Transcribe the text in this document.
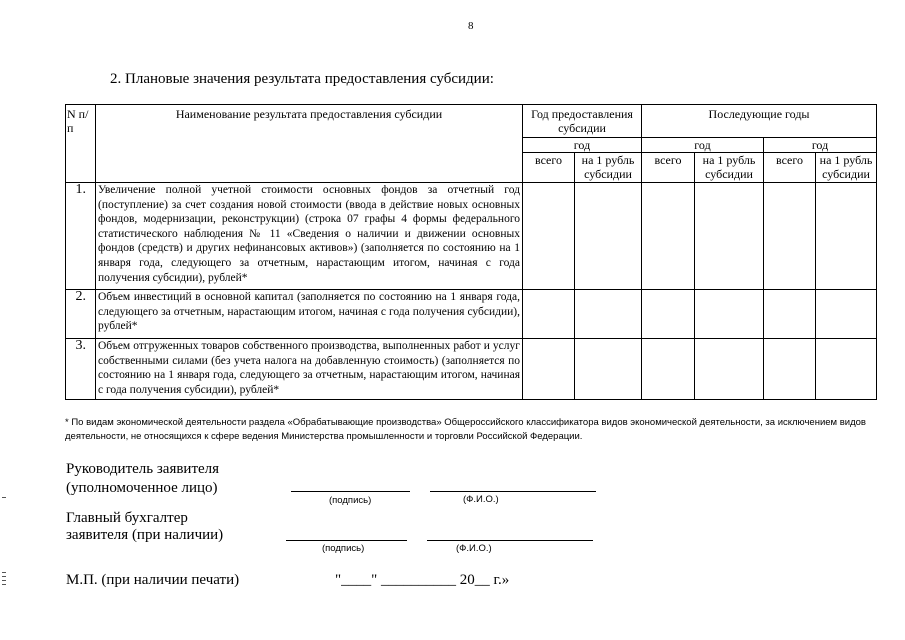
8
2. Плановые значения результата предоставления субсидии:
N п/п	Наименование результата предоставления субсидии	Год предоставления субсидии		Последующие годы			
		год		год		год	
		всего	на 1 рубль субсидии	всего	на 1 рубль субсидии	всего	на 1 рубль субсидии
1.	Увеличение полной учетной стоимости основных фондов за отчетный год (поступление) за счет создания новой стоимости (ввода в действие новых основных фондов, модернизации, реконструкции) (строка 07 графы 4 формы федерального статистического наблюдения № 11 «Сведения о наличии и движении основных фондов (средств) и других нефинансовых активов») (заполняется по состоянию на 1 января года, следующего за отчетным, нарастающим итогом, начиная с года получения субсидии), рублей*						
2.	Объем инвестиций в основной капитал (заполняется по состоянию на 1 января года, следующего за отчетным, нарастающим итогом, начиная с года получения субсидии), рублей*						
3.	Объем отгруженных товаров собственного производства, выполненных работ и услуг собственными силами (без учета налога на добавленную стоимость) (заполняется по состоянию на 1 января года, следующего за отчетным, нарастающим итогом, начиная с года получения субсидии), рублей*						
* По видам экономической деятельности раздела «Обрабатывающие производства» Общероссийского классификатора видов экономической деятельности, за исключением видов деятельности, не относящихся к сфере ведения Министерства промышленности и торговли Российской Федерации.
Руководитель заявителя
(уполномоченное лицо)
(подпись)	(Ф.И.О.)
Главный бухгалтер
заявителя (при наличии)
(подпись)	(Ф.И.О.)
М.П. (при наличии печати)	"____" __________ 20__ г.»
